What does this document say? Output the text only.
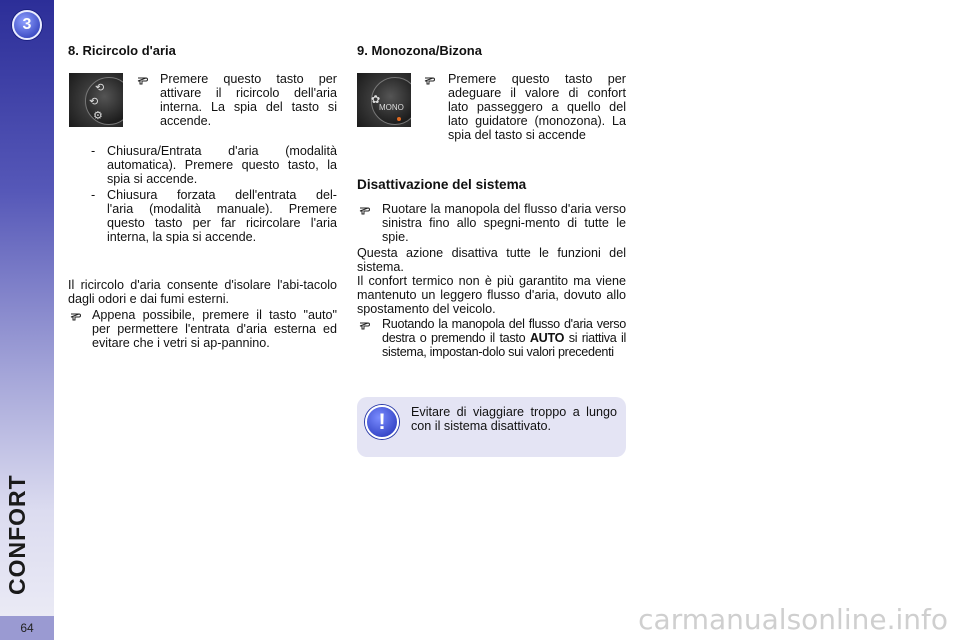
3
CONFORT
64
8. Ricircolo d'aria
⟲
⟲
⚙
Premere questo tasto per attivare il ricircolo dell'aria interna. La spia del tasto si accende.
- Chiusura/Entrata d'aria (modalità
automatica). Premere questo tasto, la spia si accende.
- Chiusura forzata dell'entrata del-
l'aria (modalità manuale). Premere questo tasto per far ricircolare l'aria interna, la spia si accende.
Il ricircolo d'aria consente d'isolare l'abi-tacolo dagli odori e dai fumi esterni.
Appena possibile, premere il tasto "auto" per permettere l'entrata d'aria esterna ed evitare che i vetri si ap-pannino.
9. Monozona/Bizona
✿
MONO
Premere questo tasto per adeguare il valore di confort lato passeggero a quello del lato guidatore (monozona). La spia del tasto si accende
Disattivazione del sistema
Ruotare la manopola del flusso d'aria verso sinistra fino allo spegni-mento di tutte le spie.
Questa azione disattiva tutte le funzioni del sistema.
Il confort termico non è più garantito ma viene mantenuto un leggero flusso d'aria, dovuto allo spostamento del veicolo.
Ruotando la manopola del flusso d'aria verso destra o premendo il tasto AUTO si riattiva il sistema, impostan-dolo sui valori precedenti
!	Evitare di viaggiare troppo a lungo con il sistema disattivato.
carmanualsonline.info
